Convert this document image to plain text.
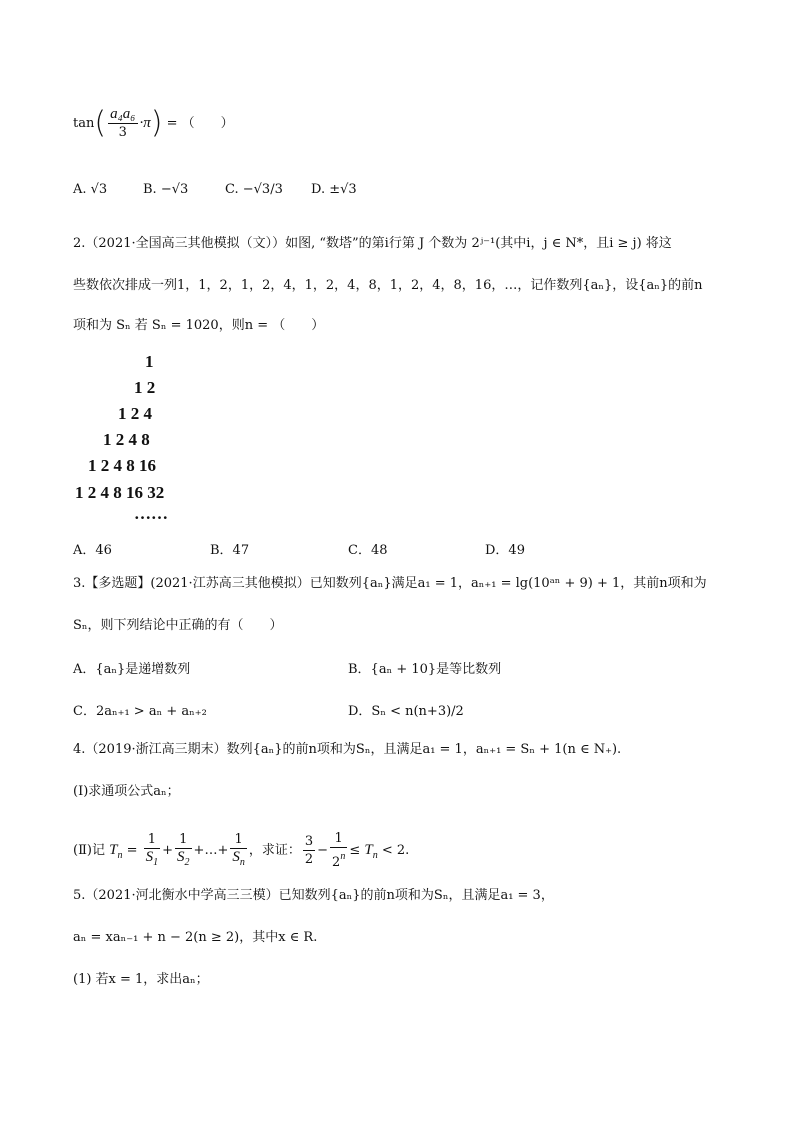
$\tan( \frac{\text{a₄a₆}}{3} \cdot\pi)$ = （　　）
A. √3	B. −√3	C. −√3/3 D. ±√3
2.（2021·全国高三其他模拟（文））如图, “数塔”的第i行第 J 个数为 2ʲ⁻¹(其中i，j ∈ N*，且i ≥ j) 将这
些数依次排成一列1，1，2，1，2，4，1，2，4，8，1，2，4，8，16，…，记作数列{aₙ}，设{aₙ}的前n
项和为 Sₙ 若 Sₙ = 1020，则n = （　　）
1
1 2
1 2 4
1 2 4 8
1 2 4 8 16
1 2 4 8 16 32
……
A．46	B．47	C．48	D．49
3.【多选题】(2021·江苏高三其他模拟）已知数列{aₙ}满足a₁ = 1，aₙ₊₁ = lg(10ᵃⁿ + 9) + 1，其前n项和为
Sₙ，则下列结论中正确的有（　　）
A．{aₙ}是递增数列	B．{aₙ + 10}是等比数列
C．2aₙ₊₁ > aₙ + aₙ₊₂	D．Sₙ < n(n+3)/2
4.（2019·浙江高三期末）数列{aₙ}的前n项和为Sₙ，且满足a₁ = 1，aₙ₊₁ = Sₙ + 1(n ∈ N₊).
(Ⅰ)求通项公式aₙ；
(Ⅱ)记 $T_n = \frac{1}{S_1} + \frac{1}{S_2}$ +…+ $\frac{1}{S_n}$ ，求证： $\frac{3}{2} - \frac{1}{2^n} \le T_n < 2$.
5.（2021·河北衡水中学高三三模）已知数列{aₙ}的前n项和为Sₙ，且满足a₁ = 3，
aₙ = xaₙ₋₁ + n − 2(n ≥ 2)，其中x ∈ R.
(1) 若x = 1，求出aₙ；
